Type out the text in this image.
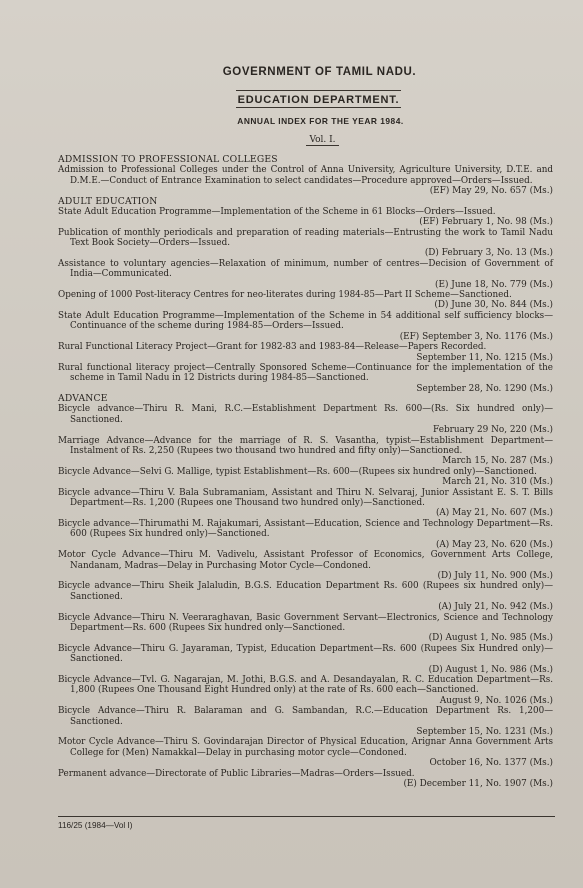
GOVERNMENT OF TAMIL NADU.
EDUCATION DEPARTMENT.
ANNUAL INDEX FOR THE YEAR 1984.
Vol. I.
ADMISSION TO PROFESSIONAL COLLEGES
Admission to Professional Colleges under the Control of Anna University, Agriculture University, D.T.E. and D.M.E.—Conduct of Entrance Examination to select candidates—Procedure approved—Orders—Issued.
(EF) May 29, No. 657 (Ms.)
ADULT EDUCATION
State Adult Education Programme—Implementation of the Scheme in 61 Blocks—Orders—Issued.
(EF) February 1, No. 98 (Ms.)
Publication of monthly periodicals and preparation of reading materials—Entrusting the work to Tamil Nadu Text Book Society—Orders—Issued.
(D) February 3, No. 13 (Ms.)
Assistance to voluntary agencies—Relaxation of minimum, number of centres—Decision of Government of India—Communicated.
(E) June 18, No. 779 (Ms.)
Opening of 1000 Post-literacy Centres for neo-literates during 1984-85—Part II Scheme—Sanctioned.
(D) June 30, No. 844 (Ms.)
State Adult Education Programme—Implementation of the Scheme in 54 additional self sufficiency blocks—Continuance of the scheme during 1984-85—Orders—Issued.
(EF) September 3, No. 1176 (Ms.)
Rural Functional Literacy Project—Grant for 1982-83 and 1983-84—Release—Papers Recorded.
September 11, No. 1215 (Ms.)
Rural functional literacy project—Centrally Sponsored Scheme—Continuance for the implementation of the scheme in Tamil Nadu in 12 Districts during 1984-85—Sanctioned.
September 28, No. 1290 (Ms.)
ADVANCE
Bicycle advance—Thiru R. Mani, R.C.—Establishment Department Rs. 600—(Rs. Six hundred only)—Sanctioned.
February 29 No, 220 (Ms.)
Marriage Advance—Advance for the marriage of R. S. Vasantha, typist—Establishment Department—Instalment of Rs. 2,250 (Rupees two thousand two hundred and fifty only)—Sanctioned.
March 15, No. 287 (Ms.)
Bicycle Advance—Selvi G. Mallige, typist Establishment—Rs. 600—(Rupees six hundred only)—Sanctioned.
March 21, No. 310 (Ms.)
Bicycle advance—Thiru V. Bala Subramaniam, Assistant and Thiru N. Selvaraj, Junior Assistant E. S. T. Bills Department—Rs. 1,200 (Rupees one Thousand two hundred only)—Sanctioned.
(A) May 21, No. 607 (Ms.)
Bicycle advance—Thirumathi M. Rajakumari, Assistant—Education, Science and Technology Department—Rs. 600 (Rupees Six hundred only)—Sanctioned.
(A) May 23, No. 620 (Ms.)
Motor Cycle Advance—Thiru M. Vadivelu, Assistant Professor of Economics, Government Arts College, Nandanam, Madras—Delay in Purchasing Motor Cycle—Condoned.
(D) July 11, No. 900 (Ms.)
Bicycle advance—Thiru Sheik Jalaludin, B.G.S. Education Department Rs. 600 (Rupees six hundred only)—Sanctioned.
(A) July 21, No. 942 (Ms.)
Bicycle Advance—Thiru N. Veeraraghavan, Basic Government Servant—Electronics, Science and Technology Department—Rs. 600 (Rupees Six hundred only—Sanctioned.
(D) August 1, No. 985 (Ms.)
Bicycle Advance—Thiru G. Jayaraman, Typist, Education Department—Rs. 600 (Rupees Six Hundred only)—Sanctioned.
(D) August 1, No. 986 (Ms.)
Bicycle Advance—Tvl. G. Nagarajan, M. Jothi, B.G.S. and A. Desandayalan, R. C. Education Department—Rs. 1,800 (Rupees One Thousand Eight Hundred only) at the rate of Rs. 600 each—Sanctioned.
August 9, No. 1026 (Ms.)
Bicycle Advance—Thiru R. Balaraman and G. Sambandan, R.C.—Education Department Rs. 1,200—Sanctioned.
September 15, No. 1231 (Ms.)
Motor Cycle Advance—Thiru S. Govindarajan Director of Physical Education, Arignar Anna Government Arts College for (Men) Namakkal—Delay in purchasing motor cycle—Condoned.
October 16, No. 1377 (Ms.)
Permanent advance—Directorate of Public Libraries—Madras—Orders—Issued.
(E) December 11, No. 1907 (Ms.)
116/25 (1984—Vol I)
